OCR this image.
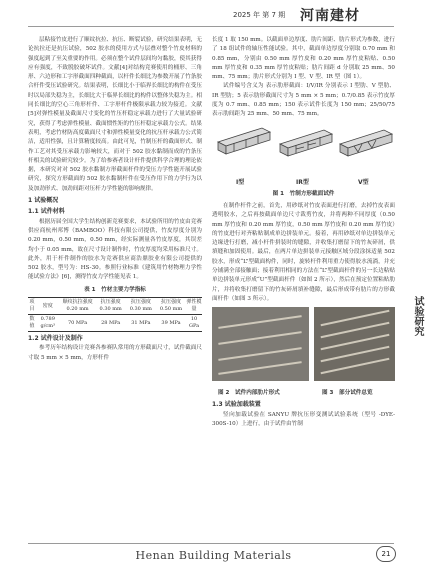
2025 年 第 7 期 河南建材
试验研究

层粘接竹皮进行了顺纹抗拉、抗压、断裂试验，研究结果表明，无论抗拉还是抗压试验，502 胶水的使用方式与层叠对整个竹皮材料的强度起到了至关重要的作用。必须在整个试件层间均匀黏胶，使其获得应有强度，不致脱胶破坏试件。文献[4]对结构竞赛使用的桶形、三角形、六边形和工字形截面四种截面，以杆件长细比为参数开展了竹条胶合杆件受压试验研究。结果表明，长细比小于临界长细比的构件在受压时以局部失稳为主，长细比大于临界长细比的构件以整体失稳为主。相同长细比的空心三角形杆件、工字形杆件极限承载力较为接近。文献[5]对弹性模量及截面尺寸变化的竹压杆稳定承载力进行了大量试验研究，获得了考虑弹性模量、截面惯性矩的竹压杆稳定承载力公式。结果表明，考虑竹材防高度截面尺寸和弹性模量变化的抗压杆承载力公式简洁，适用性强，且计算精度较高。由此可见，竹制压杆的截面形式、制作工艺对其受压承载力影响较大，而对于 502 胶水黏制而成的竹条压杆相关的试验研究较少。为了给参赛者设计杆件提供科学合理的理论依据，本研究对对 502 胶水黏制方形截面杆件的受压力学性能开展试验研究，探究方形截面的 502 胶水黏制杆件在受压作用下的力学行为以及加劲形式、加劲间距对压杆力学性能的影响规律。

1 试验概况
1.1 试件材料

根据历届全国大学生结构创新竞赛要求，本试验所用的竹皮由竞赛供应商杭州邦博（BAMBOO）科技有限公司提供，竹皮厚度分别为 0.20 mm，0.50 mm，0.50 mm，经实际测量各竹皮厚度，其误差均小于 0.05 mm，故在尺寸设计制作时，竹皮厚度均采用标准尺寸。此外，用于杆件制作的胶水为竞赛供应商浩鼎胶业有限公司提供的 502 胶水，型号为：HS-30。参照行业标准《建筑用竹材物理力学性能试验方法》[6]，测得竹皮力学性能见表 1。

表 1　竹材主要力学指标
项目	密度	顺纹抗拉强度 0.20 mm	抗压强度 0.30 mm	抗压强度 0.30 mm	抗压强度 0.50 mm	弹性模量
数值	0.789 g/cm³	70 MPa	28 MPa	31 MPa	39 MPa	10 GPa
1.2 试件设计及制作

参考历年结构设计竞赛各参赛队常用的方形截面尺寸，试件截面尺寸取 5 mm × 5 mm，方形杆件

长度 1 取 150 mm。以截面单边厚度、肋片间距、肋片形式为参数，进行了 18 组试件的轴压性能试验。其中，截面单边厚度分别取 0.70 mm 和 0.85 mm，分别由 0.50 mm 厚竹皮和 0.20 mm 厚竹皮粘贴、0.50 mm 厚竹皮和 0.35 mm 厚竹皮粘贴；肋片间距 d 分别取 25 mm、50 mm、75 mm；肋片形式分别为 I 型、V 型、IR 型（图 1）。

试件编号含义为 表示肋形截面：I/V/IR 分别表示 I 型肋、V 型肋、IR 型肋；5 表示肋形截面尺寸为 5 mm × 5 mm；0.7/0.85 表示竹皮厚度为 0.7 mm、0.85 mm；150 表示试件长度为 150 mm；25/50/75 表示肋间距为 25 mm、50 mm、75 mm。

I型	IR型	V型
图 1　竹制方形截面试件

在制作杆件之前，首先，用砂纸对竹皮表面进行打磨，去掉竹皮表面透明胶水，之后再按截面单边尺寸裁剪竹皮，并将两种不同厚度（0.50 mm 厚竹皮和 0.20 mm 厚竹皮，0.50 mm 厚竹皮和 0.20 mm 厚竹皮）的竹皮进行对齐粘贴制成单边拼装单元。接着，再用砂纸对单边拼装单元边缘进行打磨，减小杆件拼装时的缝隙，并收集打磨留下的竹灰碎屑，供填缝和加固使用。最后，在两片单边拼装单元接触区域分段涂抹适量 502 胶水，形成“L”型截面构件，同时，旋转杆件利用重力使得胶水流淌，并充分铺满全部接触面；接着利用相同的方法在“L”型截面杆件的另一长边粘贴单边拼装单元形成“U”型截面杆件（如图 2 所示），然后在预定位置粘贴肋片，并将收集打磨留下的竹灰碎屑填补缝隙，最后形成带有肋片的方形截面杆件（如图 3 所示）。

图 2　试件内部肋片形式	图 3　部分试件总览
1.3 试验加载装置

竖向加载试验在 SANYU 牌抗压形变测试试验系统（型号 -DYE-300S-10）上进行，由于试件由竹制

Henan Building Materials	21
